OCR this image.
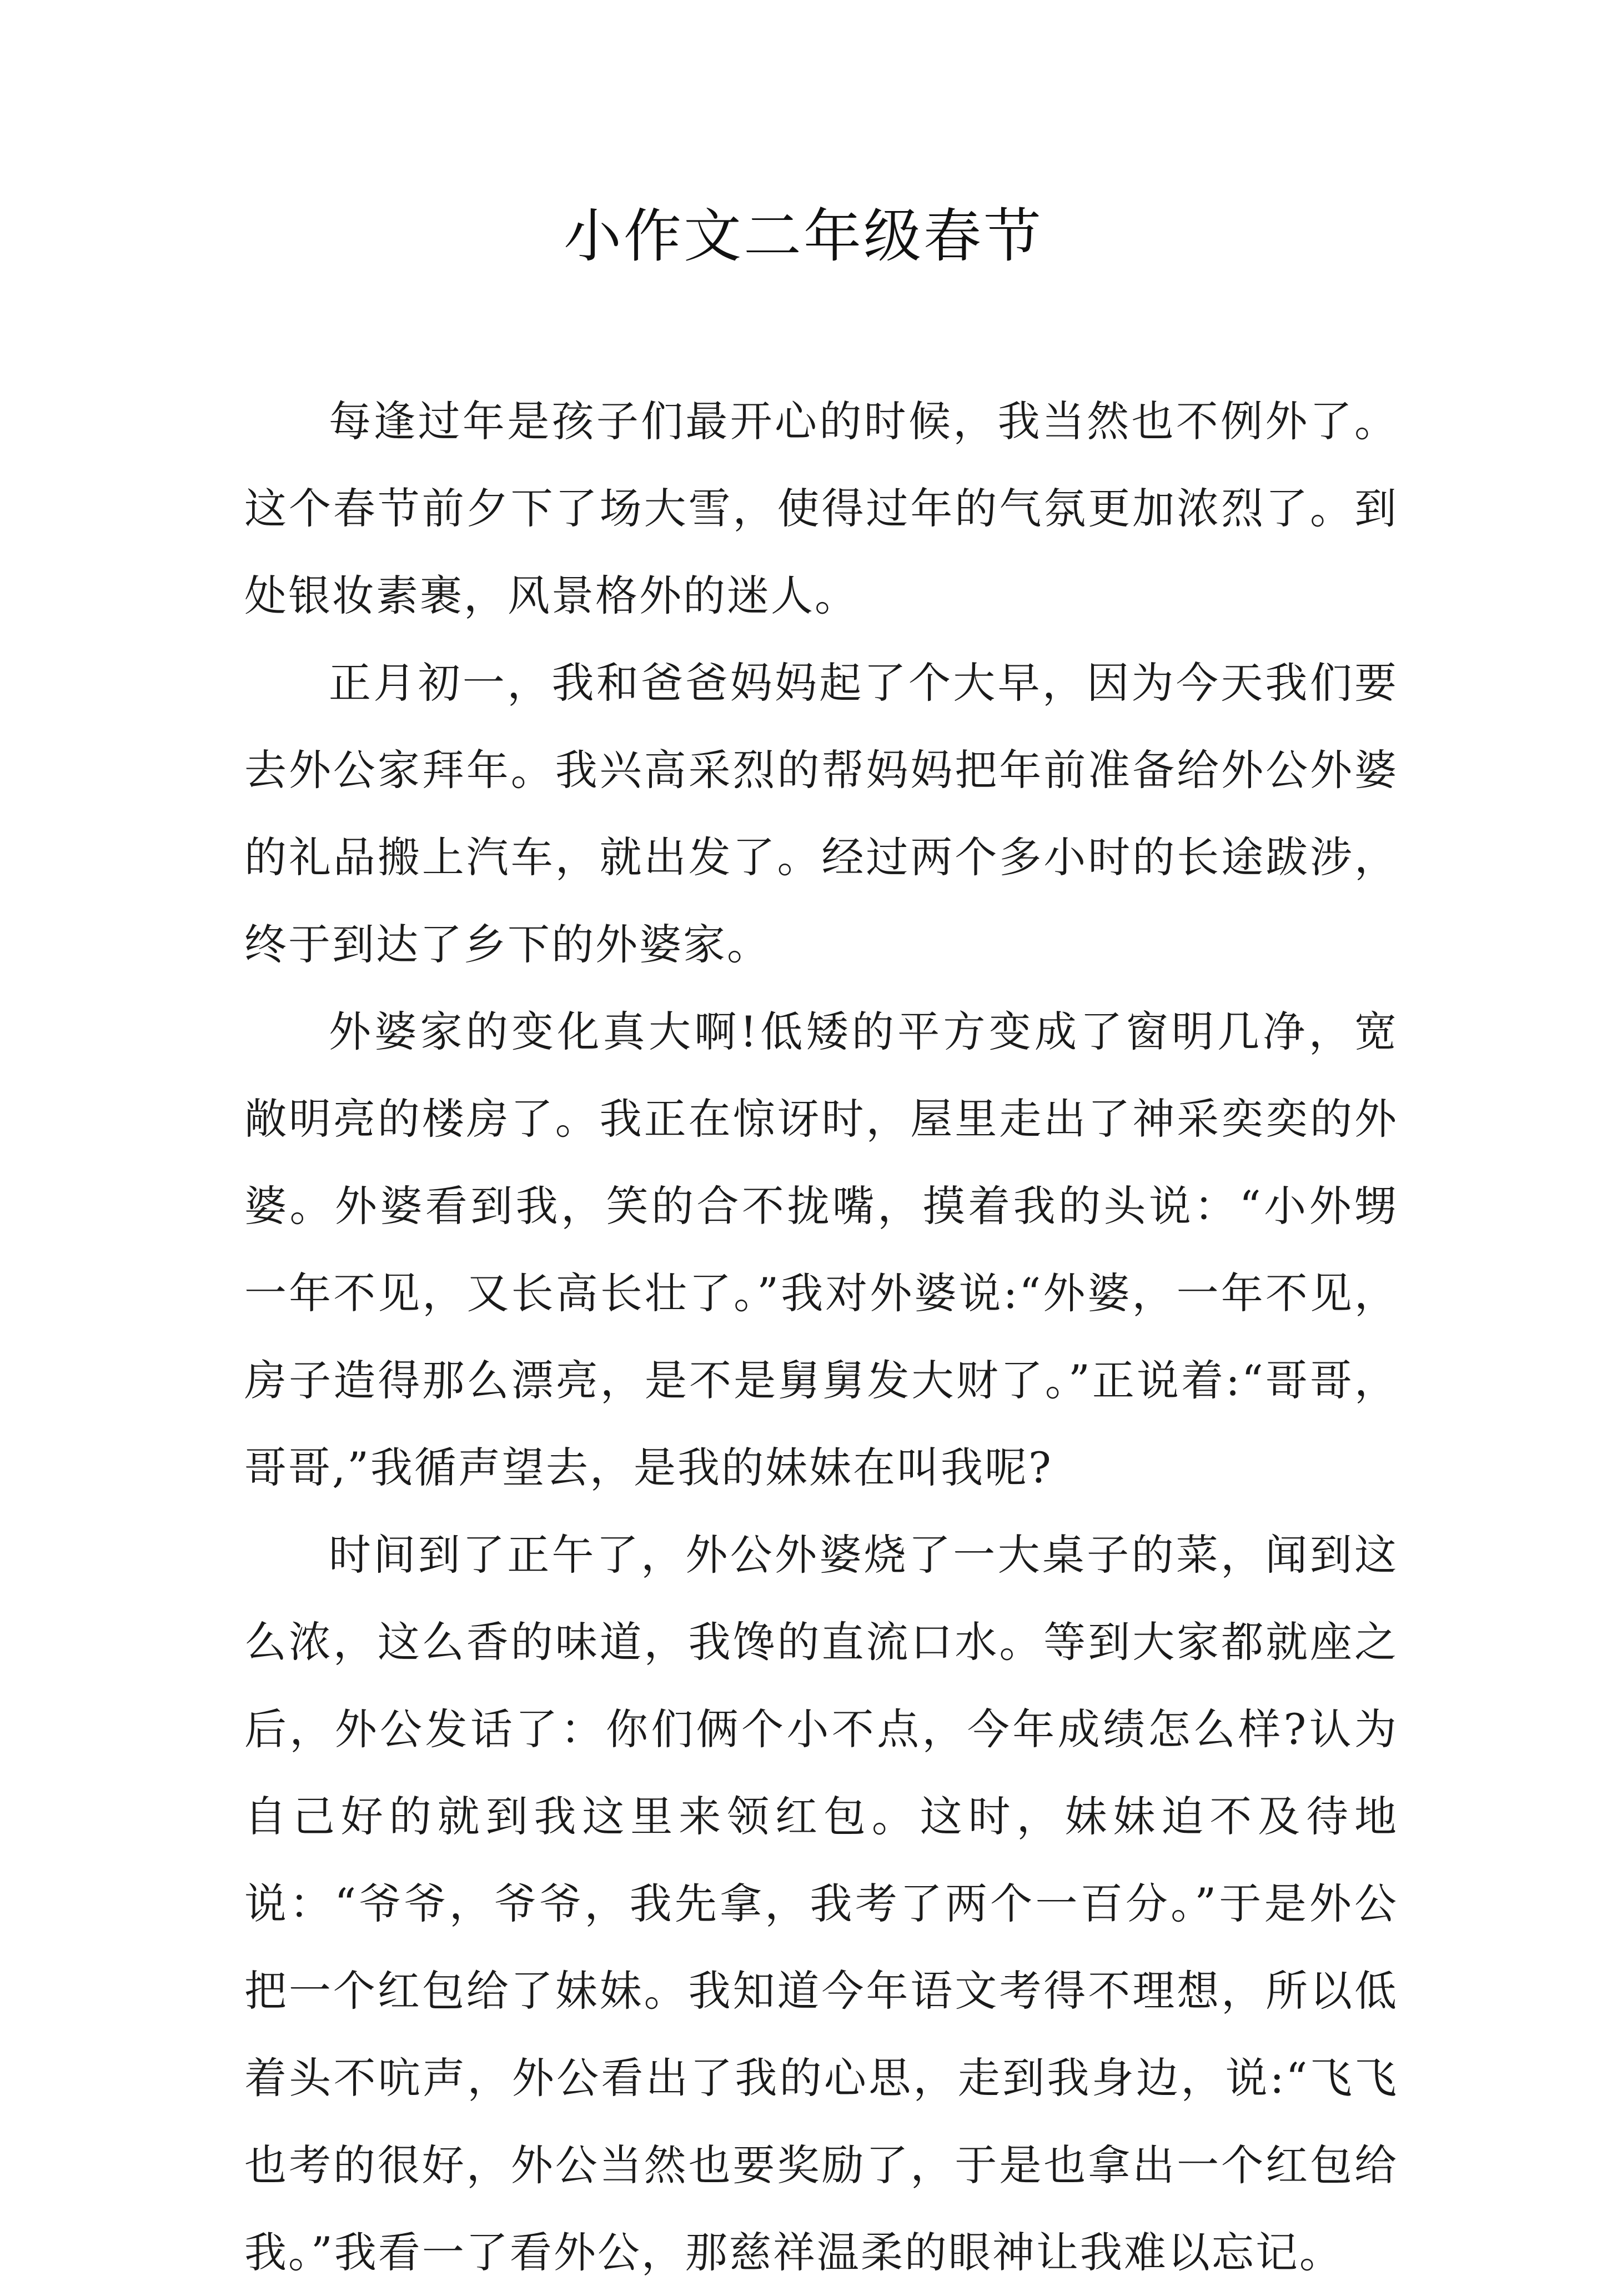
小作文二年级春节

每逢过年是孩子们最开心的时候，我当然也不例外了。这个春节前夕下了场大雪，使得过年的气氛更加浓烈了。到处银妆素裹，风景格外的迷人。

正月初一，我和爸爸妈妈起了个大早，因为今天我们要去外公家拜年。我兴高采烈的帮妈妈把年前准备给外公外婆的礼品搬上汽车，就出发了。经过两个多小时的长途跋涉，终于到达了乡下的外婆家。

外婆家的变化真大啊!低矮的平方变成了窗明几净，宽敞明亮的楼房了。我正在惊讶时，屋里走出了神采奕奕的外婆。外婆看到我，笑的合不拢嘴，摸着我的头说：“小外甥一年不见，又长高长壮了。”我对外婆说:“外婆，一年不见，房子造得那么漂亮，是不是舅舅发大财了。”正说着:“哥哥，哥哥,”我循声望去，是我的妹妹在叫我呢?

时间到了正午了，外公外婆烧了一大桌子的菜，闻到这么浓，这么香的味道，我馋的直流口水。等到大家都就座之后，外公发话了：你们俩个小不点，今年成绩怎么样?认为自己好的就到我这里来领红包。这时，妹妹迫不及待地说：“爷爷，爷爷，我先拿，我考了两个一百分。”于是外公把一个红包给了妹妹。我知道今年语文考得不理想，所以低着头不吭声，外公看出了我的心思，走到我身边，说:“飞飞也考的很好，外公当然也要奖励了，于是也拿出一个红包给我。”我看一了看外公，那慈祥温柔的眼神让我难以忘记。
